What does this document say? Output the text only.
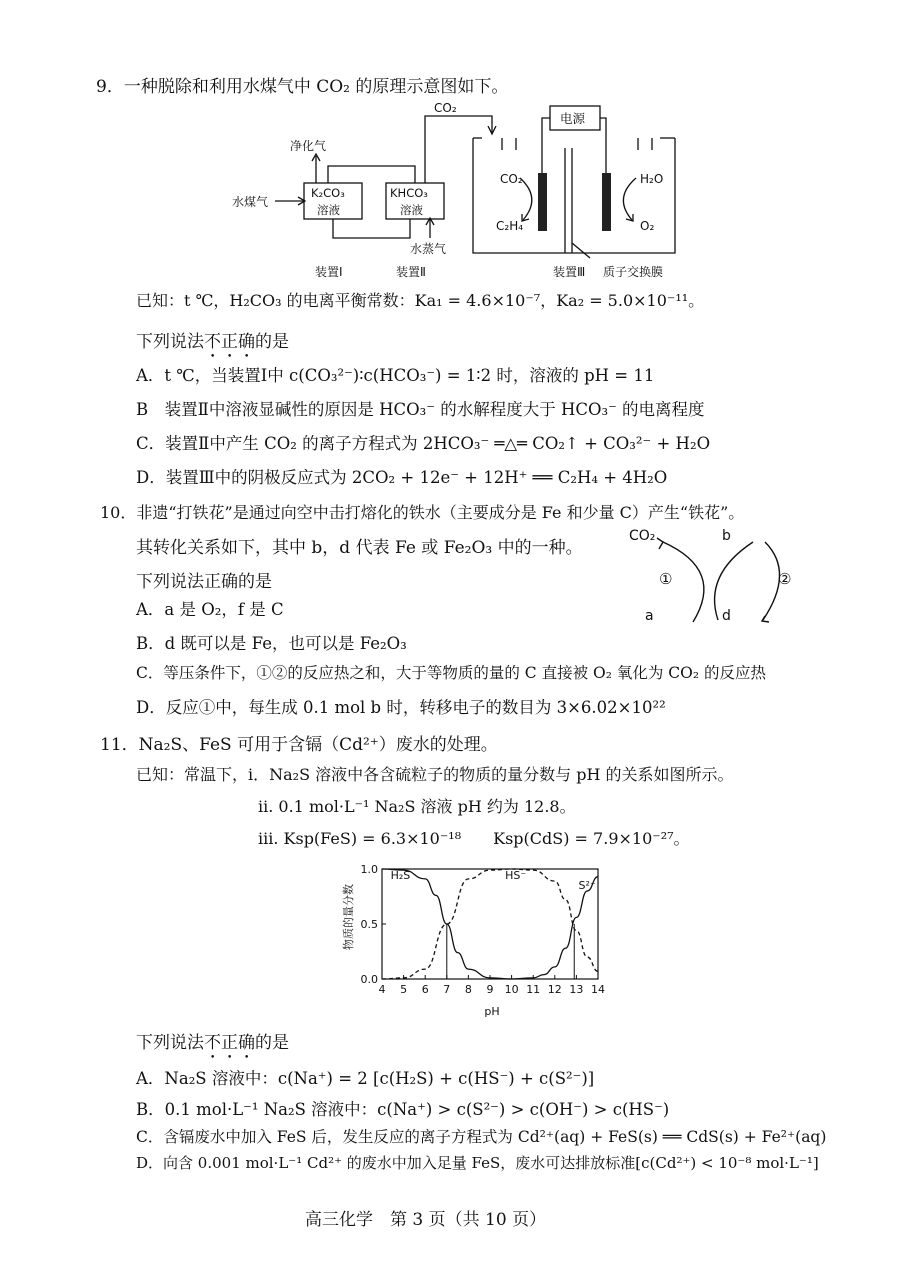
9．一种脱除和利用水煤气中 CO₂ 的原理示意图如下。
CO₂
电源
净化气
水煤气
K₂CO₃
溶液
KHCO₃
溶液
水蒸气
CO₂
C₂H₄
H₂O
O₂
装置Ⅰ	装置Ⅱ	装置Ⅲ 质子交换膜
已知：t ℃，H₂CO₃ 的电离平衡常数：Ka₁ = 4.6×10⁻⁷，Ka₂ = 5.0×10⁻¹¹。
下列说法不正确的是
A．t ℃，当装置Ⅰ中 c(CO₃²⁻)∶c(HCO₃⁻) = 1∶2 时，溶液的 pH = 11
B　装置Ⅱ中溶液显碱性的原因是 HCO₃⁻ 的水解程度大于 HCO₃⁻ 的电离程度
C．装置Ⅱ中产生 CO₂ 的离子方程式为 2HCO₃⁻ ═△═ CO₂↑ + CO₃²⁻ + H₂O
D．装置Ⅲ中的阴极反应式为 2CO₂ + 12e⁻ + 12H⁺ ══ C₂H₄ + 4H₂O
10．非遗“打铁花”是通过向空中击打熔化的铁水（主要成分是 Fe 和少量 C）产生“铁花”。
其转化关系如下，其中 b，d 代表 Fe 或 Fe₂O₃ 中的一种。
下列说法正确的是
CO₂	b
a	d
①	②
A．a 是 O₂，f 是 C
B．d 既可以是 Fe，也可以是 Fe₂O₃
C．等压条件下，①②的反应热之和，大于等物质的量的 C 直接被 O₂ 氧化为 CO₂ 的反应热
D．反应①中，每生成 0.1 mol b 时，转移电子的数目为 3×6.02×10²²
11．Na₂S、FeS 可用于含镉（Cd²⁺）废水的处理。
已知：常温下，i．Na₂S 溶液中各含硫粒子的物质的量分数与 pH 的关系如图所示。
ii. 0.1 mol·L⁻¹ Na₂S 溶液 pH 约为 12.8。
iii. Ksp(FeS) = 6.3×10⁻¹⁸　　Ksp(CdS) = 7.9×10⁻²⁷。
物质的量分数
pH
4 5 6 7 8 9 10 11 12 13 14
0.0
0.5
1.0 H₂S	HS⁻
S²⁻
下列说法不正确的是
A．Na₂S 溶液中：c(Na⁺) = 2 [c(H₂S) + c(HS⁻) + c(S²⁻)]
B．0.1 mol·L⁻¹ Na₂S 溶液中：c(Na⁺) > c(S²⁻) > c(OH⁻) > c(HS⁻)
C．含镉废水中加入 FeS 后，发生反应的离子方程式为 Cd²⁺(aq) + FeS(s) ══ CdS(s) + Fe²⁺(aq)
D．向含 0.001 mol·L⁻¹ Cd²⁺ 的废水中加入足量 FeS，废水可达排放标准[c(Cd²⁺) < 10⁻⁸ mol·L⁻¹]
高三化学　第 3 页（共 10 页）
